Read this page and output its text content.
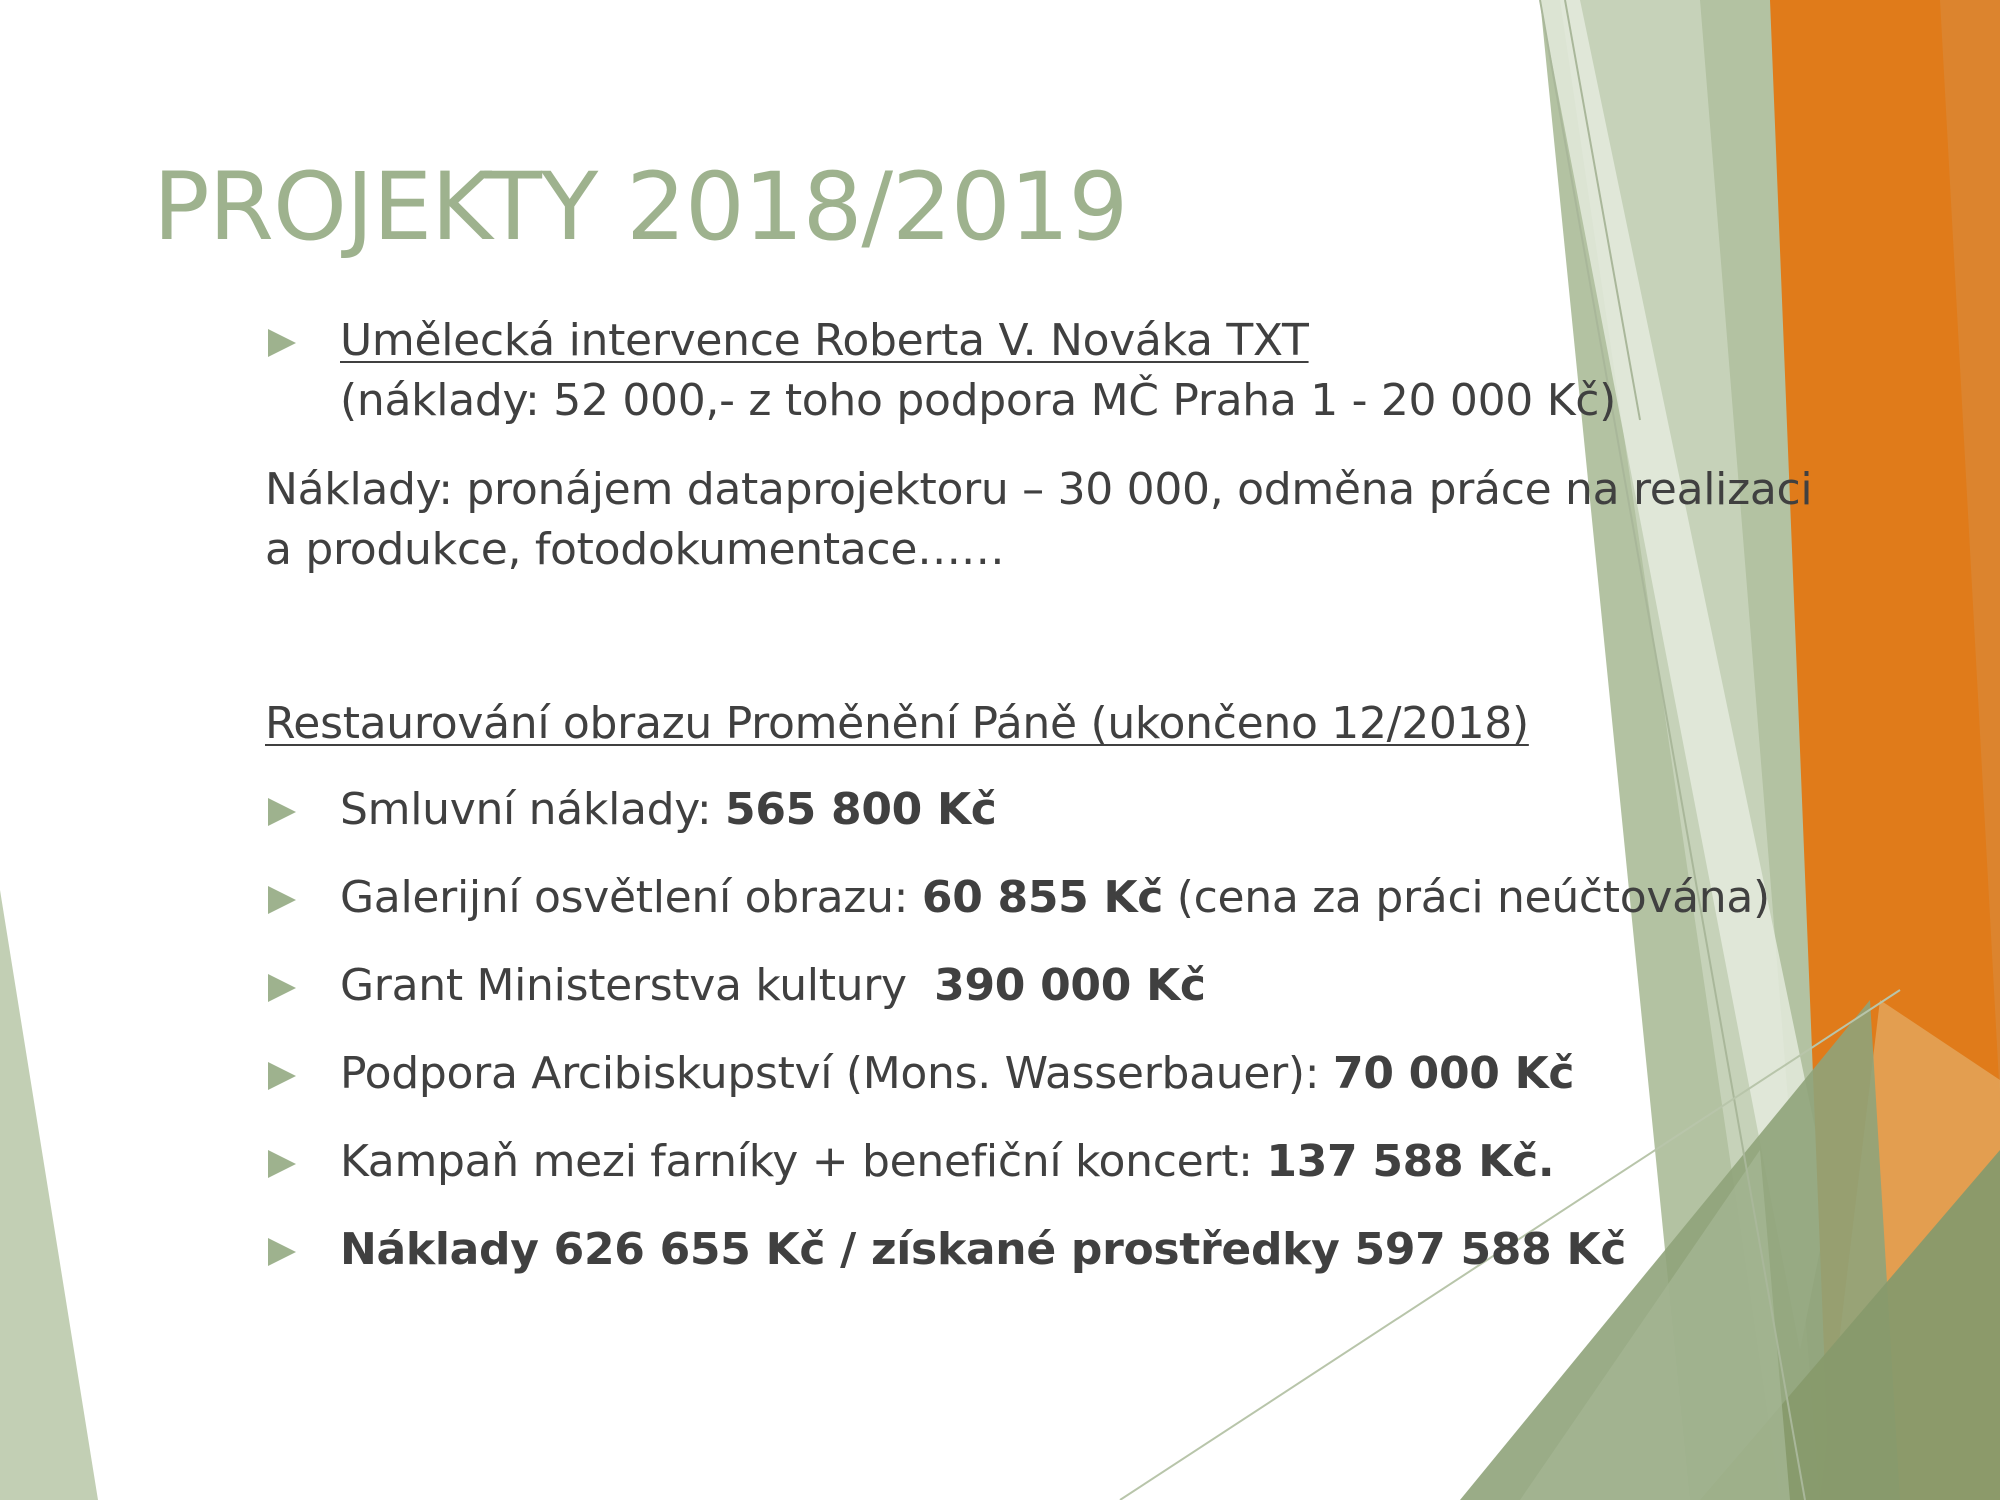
PROJEKTY 2018/2019

Umělecká intervence Roberta V. Nováka TXT

(náklady: 52 000,- z toho podpora MČ Praha 1 - 20 000 Kč)

Náklady: pronájem dataprojektoru – 30 000, odměna práce na realizaci

a produkce, fotodokumentace……

Restaurování obrazu Proměnění Páně (ukončeno 12/2018)

Smluvní náklady: 565 800 Kč

Galerijní osvětlení obrazu: 60 855 Kč (cena za práci neúčtována)

Grant Ministerstva kultury  390 000 Kč

Podpora Arcibiskupství (Mons. Wasserbauer): 70 000 Kč

Kampaň mezi farníky + benefiční koncert: 137 588 Kč.

Náklady 626 655 Kč / získané prostředky 597 588 Kč
